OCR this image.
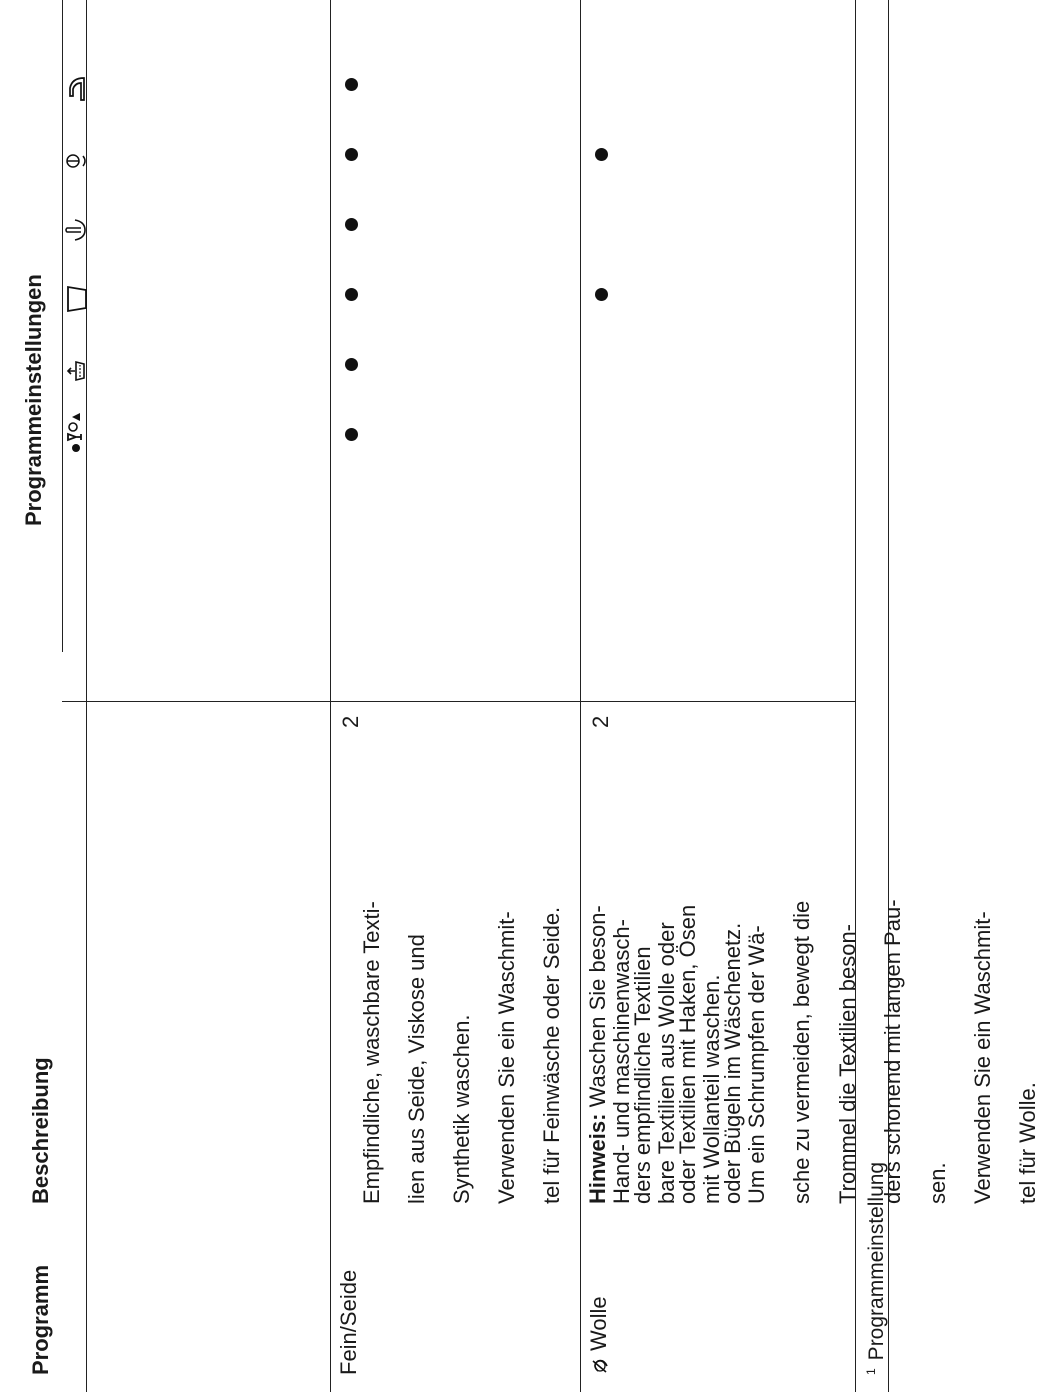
Programm
Beschreibung
Programmeinstellungen
Fein/Seide

Empfindliche, waschbare Texti- lien aus Seide, Viskose und Synthetik waschen. Verwenden Sie ein Waschmit- tel für Feinwäsche oder Seide. Hinweis: Waschen Sie beson- ders empfindliche Textilien oder Textilien mit Haken, Ösen oder Bügeln im Wäschenetz.

2
Wolle

Hand- und maschinenwasch- bare Textilien aus Wolle oder mit Wollanteil waschen. Um ein Schrumpfen der Wä- sche zu vermeiden, bewegt die Trommel die Textilien beson- ders schonend mit langen Pau- sen. Verwenden Sie ein Waschmit- tel für Wolle.

2
$^1$Programmeinstellung
